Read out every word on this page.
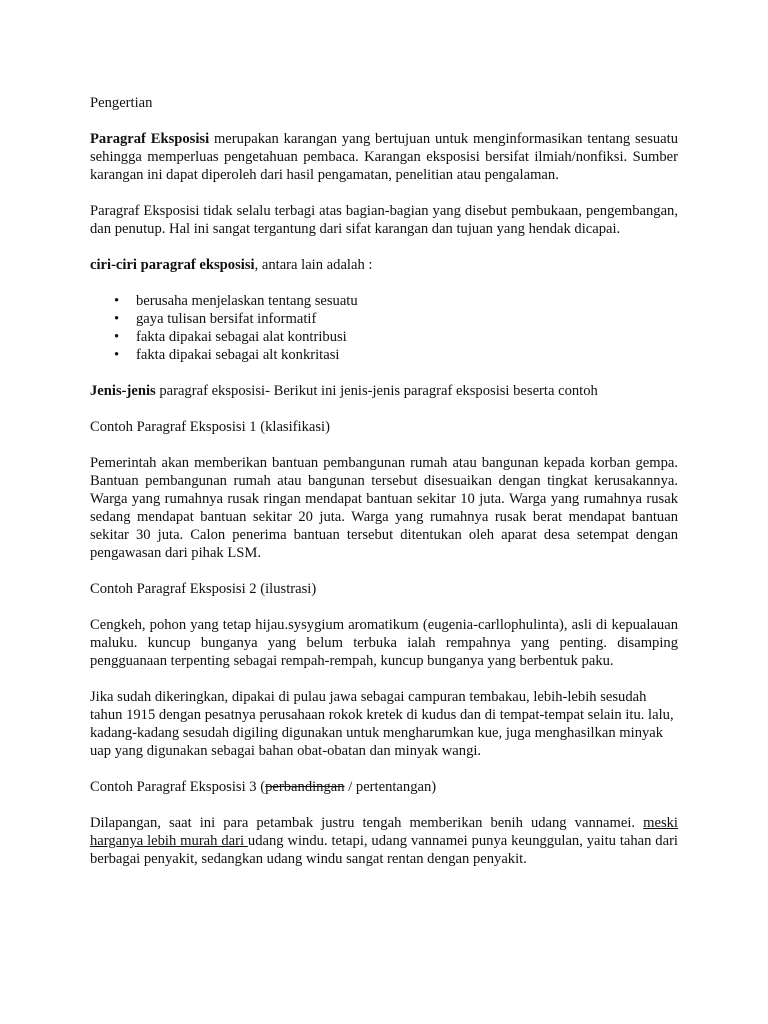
Pengertian

Paragraf Eksposisi merupakan karangan yang bertujuan untuk menginformasikan tentang sesuatu sehingga memperluas pengetahuan pembaca. Karangan eksposisi bersifat ilmiah/nonfiksi. Sumber karangan ini dapat diperoleh dari hasil pengamatan, penelitian atau pengalaman.

Paragraf Eksposisi tidak selalu terbagi atas bagian-bagian yang disebut pembukaan, pengembangan, dan penutup. Hal ini sangat tergantung dari sifat karangan dan tujuan yang hendak dicapai.

ciri-ciri paragraf eksposisi, antara lain adalah :

• berusaha menjelaskan tentang sesuatu
• gaya tulisan bersifat informatif
• fakta dipakai sebagai alat kontribusi
• fakta dipakai sebagai alt konkritasi

Jenis-jenis paragraf eksposisi- Berikut ini jenis-jenis paragraf eksposisi beserta contoh

Contoh Paragraf Eksposisi 1 (klasifikasi)

Pemerintah akan memberikan bantuan pembangunan rumah atau bangunan kepada korban gempa. Bantuan pembangunan rumah atau bangunan tersebut disesuaikan dengan tingkat kerusakannya. Warga yang rumahnya rusak ringan mendapat bantuan sekitar 10 juta. Warga yang rumahnya rusak sedang mendapat bantuan sekitar 20 juta. Warga yang rumahnya rusak berat mendapat bantuan sekitar 30 juta. Calon penerima bantuan tersebut ditentukan oleh aparat desa setempat dengan pengawasan dari pihak LSM.

Contoh Paragraf Eksposisi 2 (ilustrasi)

Cengkeh, pohon yang tetap hijau.sysygium aromatikum (eugenia-carllophulinta), asli di kepualauan maluku. kuncup bunganya yang belum terbuka ialah rempahnya yang penting. disamping pengguanaan terpenting sebagai rempah-rempah, kuncup bunganya yang berbentuk paku.

Jika sudah dikeringkan, dipakai di pulau jawa sebagai campuran tembakau, lebih-lebih sesudah tahun 1915 dengan pesatnya perusahaan rokok kretek di kudus dan di tempat-tempat selain itu. lalu, kadang-kadang sesudah digiling digunakan untuk mengharumkan kue, juga menghasilkan minyak uap yang digunakan sebagai bahan obat-obatan dan minyak wangi.

Contoh Paragraf Eksposisi 3 (perbandingan / pertentangan)

Dilapangan, saat ini para petambak justru tengah memberikan benih udang vannamei. meski harganya lebih murah dari udang windu. tetapi, udang vannamei punya keunggulan, yaitu tahan dari berbagai penyakit, sedangkan udang windu sangat rentan dengan penyakit.
